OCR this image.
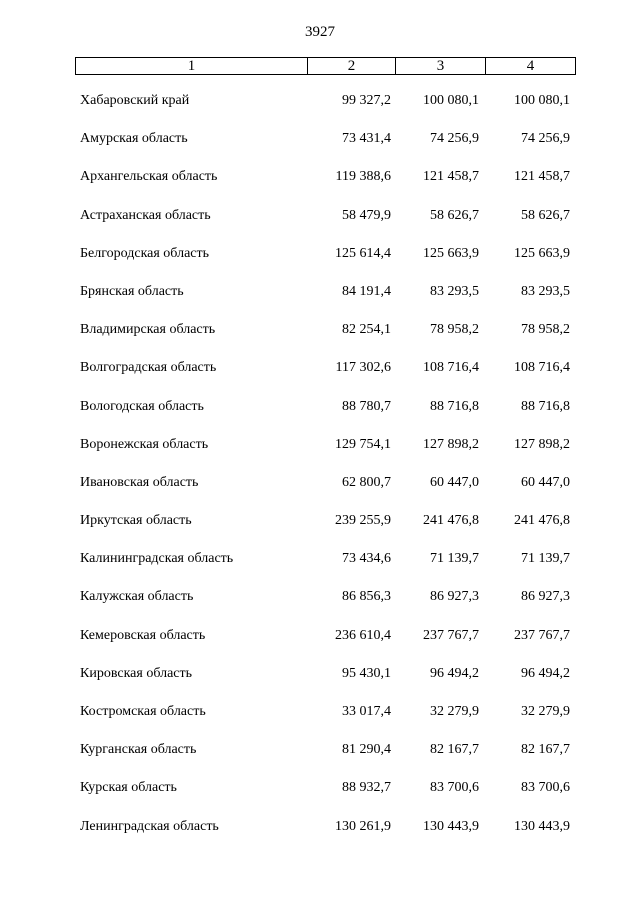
3927
1	2	3	4
Хабаровский край	99 327,2	100 080,1	100 080,1
Амурская область	73 431,4	74 256,9	74 256,9
Архангельская область	119 388,6	121 458,7	121 458,7
Астраханская область	58 479,9	58 626,7	58 626,7
Белгородская область	125 614,4	125 663,9	125 663,9
Брянская область	84 191,4	83 293,5	83 293,5
Владимирская область	82 254,1	78 958,2	78 958,2
Волгоградская область	117 302,6	108 716,4	108 716,4
Вологодская область	88 780,7	88 716,8	88 716,8
Воронежская область	129 754,1	127 898,2	127 898,2
Ивановская область	62 800,7	60 447,0	60 447,0
Иркутская область	239 255,9	241 476,8	241 476,8
Калининградская область	73 434,6	71 139,7	71 139,7
Калужская область	86 856,3	86 927,3	86 927,3
Кемеровская область	236 610,4	237 767,7	237 767,7
Кировская область	95 430,1	96 494,2	96 494,2
Костромская область	33 017,4	32 279,9	32 279,9
Курганская область	81 290,4	82 167,7	82 167,7
Курская область	88 932,7	83 700,6	83 700,6
Ленинградская область	130 261,9	130 443,9	130 443,9
